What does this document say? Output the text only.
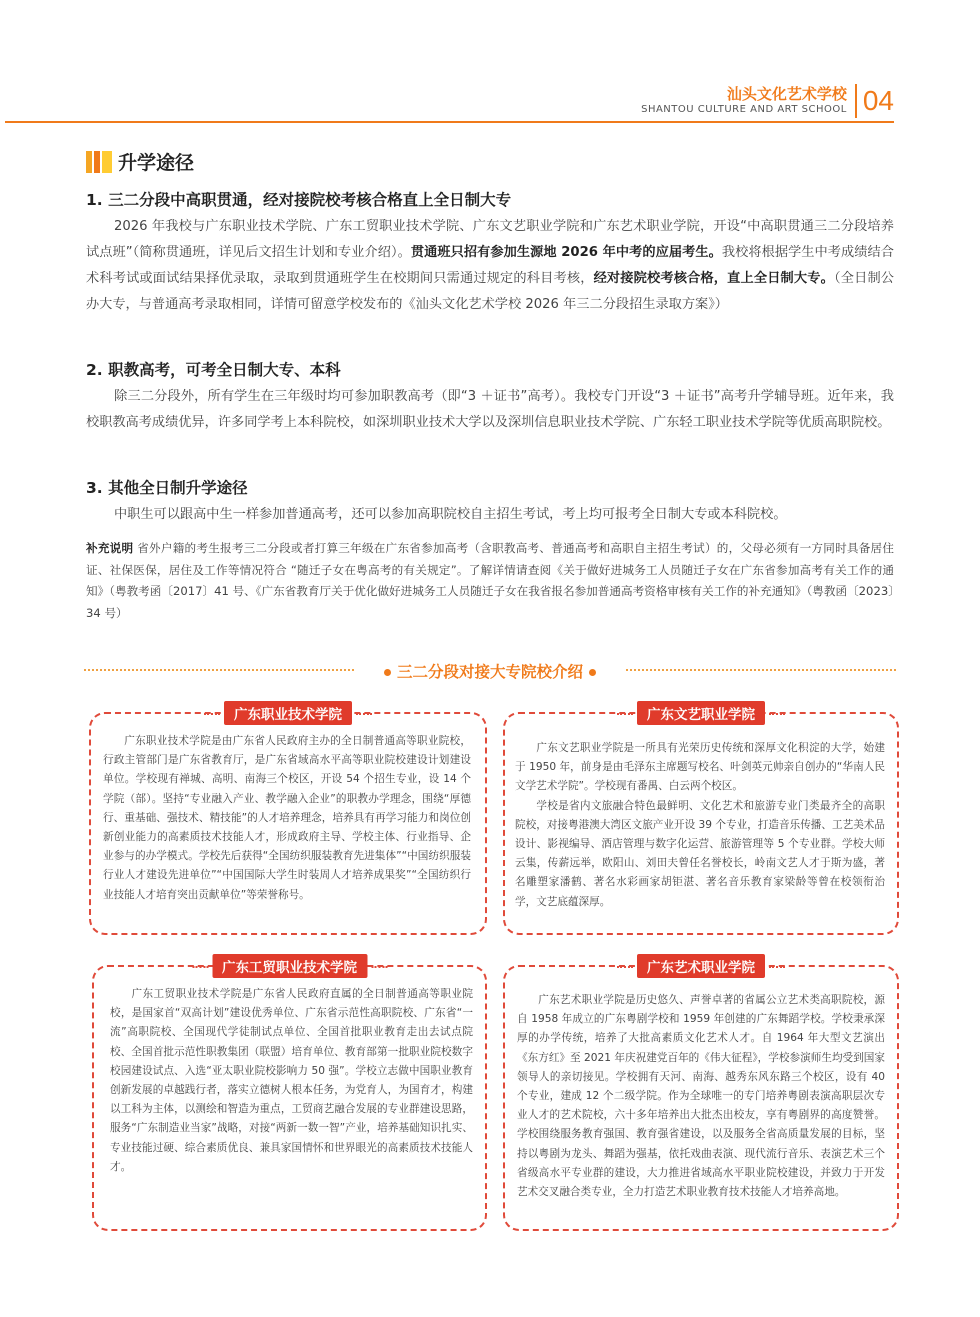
汕头文化艺术学校
SHANTOU CULTURE AND ART SCHOOL 04
升学途径
1. 三二分段中高职贯通，经对接院校考核合格直上全日制大专
2026 年我校与广东职业技术学院、广东工贸职业技术学院、广东文艺职业学院和广东艺术职业学院，开设“中高职贯通三二分段培养试点班”（简称贯通班，详见后文招生计划和专业介绍）。贯通班只招有参加生源地 2026 年中考的应届考生。我校将根据学生中考成绩结合术科考试或面试结果择优录取，录取到贯通班学生在校期间只需通过规定的科目考核，经对接院校考核合格，直上全日制大专。（全日制公办大专，与普通高考录取相同，详情可留意学校发布的《汕头文化艺术学校 2026 年三二分段招生录取方案》）
2. 职教高考，可考全日制大专、本科
除三二分段外，所有学生在三年级时均可参加职教高考（即“3 ＋证书”高考）。我校专门开设“3 ＋证书”高考升学辅导班。近年来，我校职教高考成绩优异，许多同学考上本科院校，如深圳职业技术大学以及深圳信息职业技术学院、广东轻工职业技术学院等优质高职院校。
3. 其他全日制升学途径
中职生可以跟高中生一样参加普通高考，还可以参加高职院校自主招生考试，考上均可报考全日制大专或本科院校。
补充说明 省外户籍的考生报考三二分段或者打算三年级在广东省参加高考（含职教高考、普通高考和高职自主招生考试）的，父母必须有一方同时具备居住证、社保医保，居住及工作等情况符合 “随迁子女在粤高考的有关规定”。了解详情请查阅《关于做好进城务工人员随迁子女在广东省参加高考有关工作的通知》（粤教考函〔2017〕41 号、《广东省教育厅关于优化做好进城务工人员随迁子女在我省报名参加普通高考资格审核有关工作的补充通知》（粤教函〔2023〕34 号）
三二分段对接大专院校介绍
广东职业技术学院
广东职业技术学院是由广东省人民政府主办的全日制普通高等职业院校，行政主管部门是广东省教育厅，是广东省域高水平高等职业院校建设计划建设单位。学校现有禅城、高明、南海三个校区，开设 54 个招生专业，设 14 个学院（部）。坚持“专业融入产业、教学融入企业”的职教办学理念，围绕“厚德行、重基础、强技术、精技能”的人才培养理念，培养具有再学习能力和岗位创新创业能力的高素质技术技能人才，形成政府主导、学校主体、行业指导、企业参与的办学模式。学校先后获得“全国纺织服装教育先进集体”“中国纺织服装行业人才建设先进单位”“中国国际大学生时装周人才培养成果奖”“全国纺织行业技能人才培育突出贡献单位”等荣誉称号。
广东文艺职业学院
广东文艺职业学院是一所具有光荣历史传统和深厚文化积淀的大学，始建于 1950 年，前身是由毛泽东主席题写校名、叶剑英元帅亲自创办的“华南人民文学艺术学院”。学校现有番禺、白云两个校区。
学校是省内文旅融合特色最鲜明、文化艺术和旅游专业门类最齐全的高职院校，对接粤港澳大湾区文旅产业开设 39 个专业，打造音乐传播、工艺美术品设计、影视编导、酒店管理与数字化运营、旅游管理等 5 个专业群。学校大师云集，传薪远举，欧阳山、刘田夫曾任名誉校长，岭南文艺人才于斯为盛，著名雕塑家潘鹤、著名水彩画家胡钜湛、著名音乐教育家梁龄等曾在校领衔治学，文艺底蕴深厚。
广东工贸职业技术学院
广东工贸职业技术学院是广东省人民政府直属的全日制普通高等职业院校，是国家首“双高计划”建设优秀单位、广东省示范性高职院校、广东省“一流”高职院校、全国现代学徒制试点单位、全国首批职业教育走出去试点院校、全国首批示范性职教集团（联盟）培育单位、教育部第一批职业院校数字校园建设试点、入选“亚太职业院校影响力 50 强”。学校立志做中国职业教育创新发展的卓越践行者，落实立德树人根本任务，为党育人，为国育才，构建以工科为主体，以测绘和智造为重点，工贸商艺融合发展的专业群建设思路，服务“广东制造业当家”战略，对接“两新一数一智”产业，培养基础知识扎实、专业技能过硬、综合素质优良、兼具家国情怀和世界眼光的高素质技术技能人才。
广东艺术职业学院
广东艺术职业学院是历史悠久、声誉卓著的省属公立艺术类高职院校，源自 1958 年成立的广东粤剧学校和 1959 年创建的广东舞蹈学校。学校秉承深厚的办学传统，培养了大批高素质文化艺术人才。自 1964 年大型文艺演出《东方红》至 2021 年庆祝建党百年的《伟大征程》，学校参演师生均受到国家领导人的亲切接见。学校拥有天河、南海、越秀东风东路三个校区，设有 40 个专业，建成 12 个二级学院。作为全球唯一的专门培养粤剧表演高职层次专业人才的艺术院校，六十多年培养出大批杰出校友，享有粤剧界的高度赞誉。学校围绕服务教育强国、教育强省建设，以及服务全省高质量发展的目标，坚持以粤剧为龙头、舞蹈为强基，依托戏曲表演、现代流行音乐、表演艺术三个省级高水平专业群的建设，大力推进省域高水平职业院校建设，并致力于开发艺术交叉融合类专业，全力打造艺术职业教育技术技能人才培养高地。
